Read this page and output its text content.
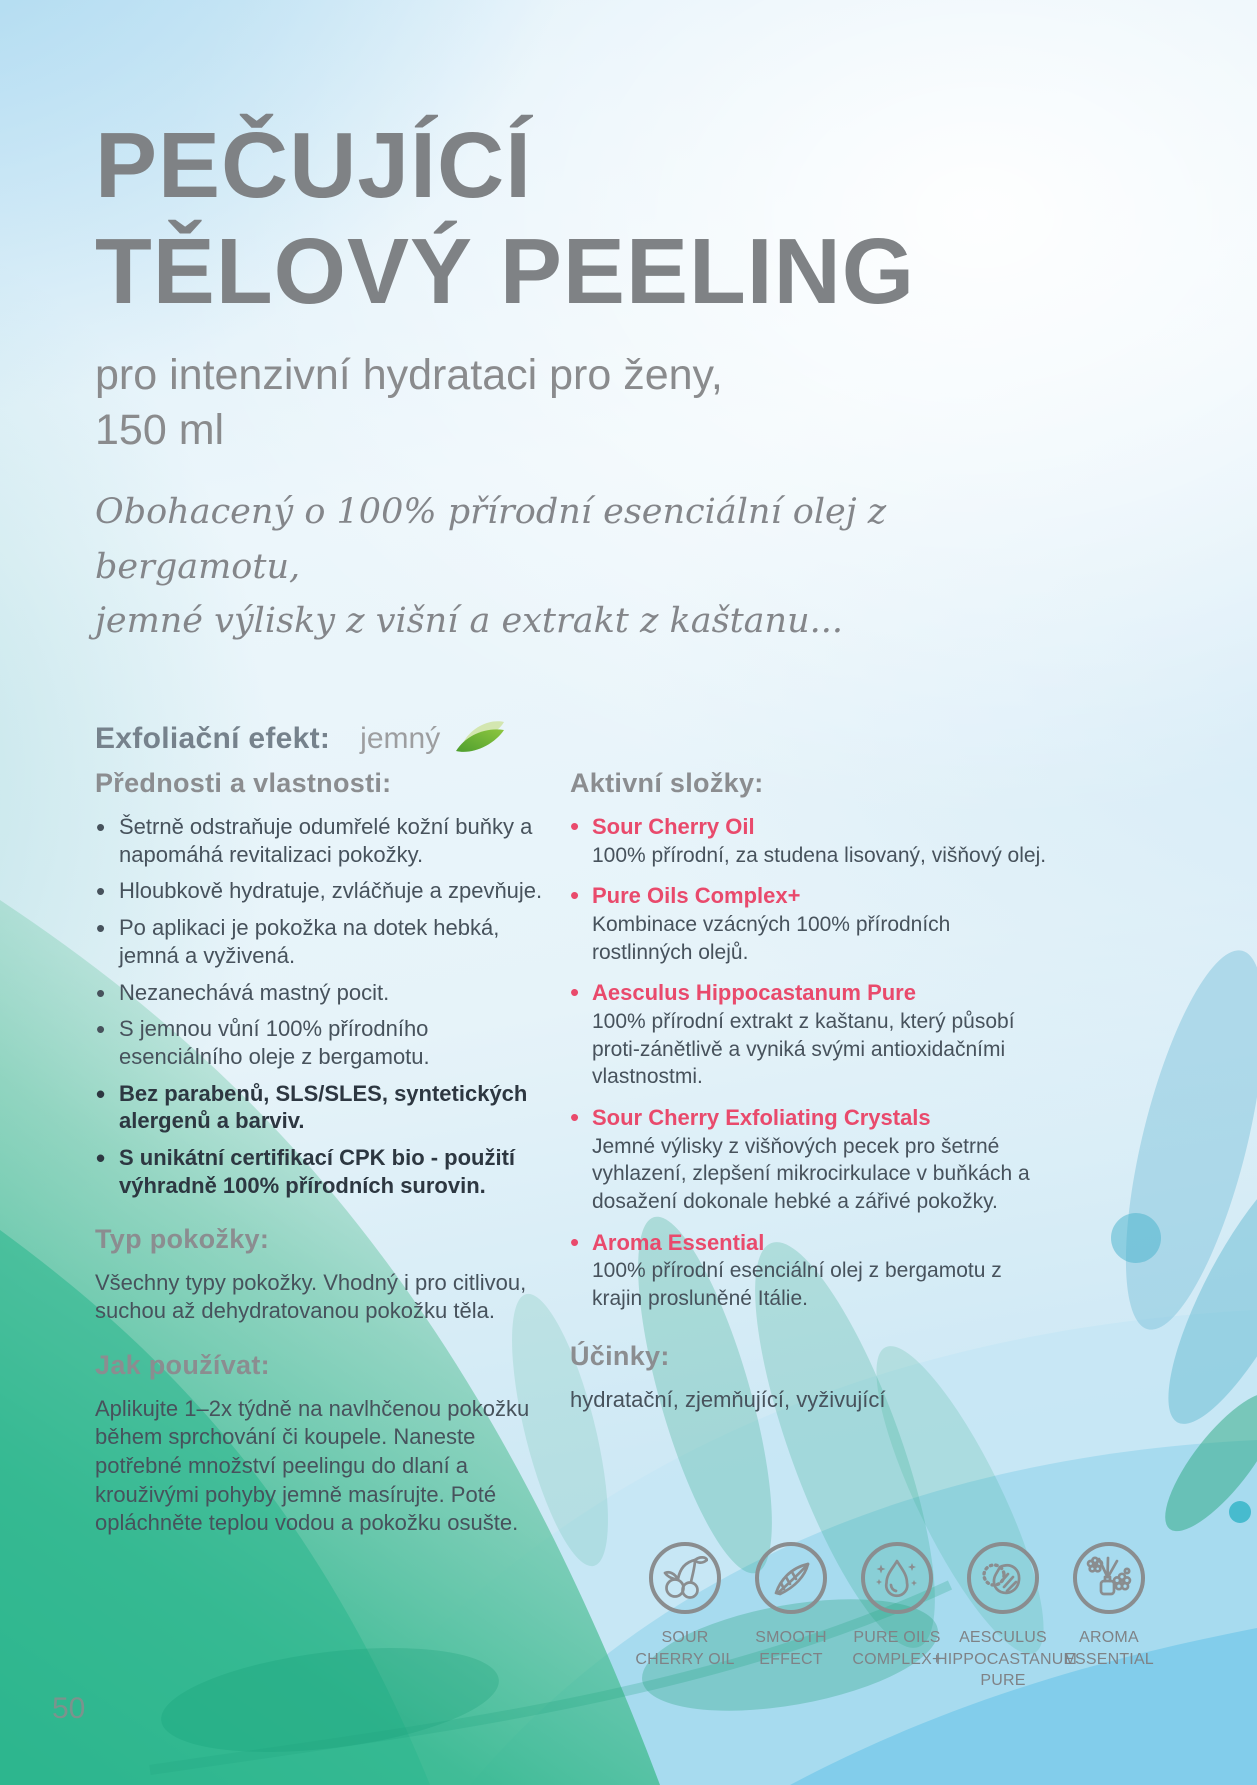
PEČUJÍCÍ
TĚLOVÝ PEELING
pro intenzivní hydrataci pro ženy,
150 ml
Obohacený o 100% přírodní esenciální olej z bergamotu,
jemné výlisky z višní a extrakt z kaštanu...
Exfoliační efekt: jemný
Přednosti a vlastnosti:
• Šetrně odstraňuje odumřelé kožní buňky a napomáhá revitalizaci pokožky.
• Hloubkově hydratuje, zvláčňuje a zpevňuje.
• Po aplikaci je pokožka na dotek hebká, jemná a vyživená.
• Nezanechává mastný pocit.
• S jemnou vůní 100% přírodního esenciálního oleje z bergamotu.
• Bez parabenů, SLS/SLES, syntetických alergenů a barviv.
• S unikátní certifikací CPK bio - použití výhradně 100% přírodních surovin.
Typ pokožky:

Všechny typy pokožky. Vhodný i pro citlivou, suchou až dehydratovanou pokožku těla.

Jak používat:

Aplikujte 1–2x týdně na navlhčenou pokožku během sprchování či koupele. Naneste potřebné množství peelingu do dlaní a krouživými pohyby jemně masírujte. Poté opláchněte teplou vodou a pokožku osušte.

Aktivní složky:
• Sour Cherry Oil
100% přírodní, za studena lisovaný, višňový olej.
• Pure Oils Complex+
Kombinace vzácných 100% přírodních rostlinných olejů.
• Aesculus Hippocastanum Pure
100% přírodní extrakt z kaštanu, který působí proti-zánětlivě a vyniká svými antioxidačními vlastnostmi.
• Sour Cherry Exfoliating Crystals
Jemné výlisky z višňových pecek pro šetrné vyhlazení, zlepšení mikrocirkulace v buňkách a dosažení dokonale hebké a zářivé pokožky.
• Aroma Essential
100% přírodní esenciální olej z bergamotu z krajin prosluněné Itálie.
Účinky:

hydratační, zjemňující, vyživující

SOUR CHERRY OIL
SMOOTH EFFECT
PURE OILS COMPLEX+
AESCULUS HIPPOCASTANUM PURE
AROMA ESSENTIAL
50
